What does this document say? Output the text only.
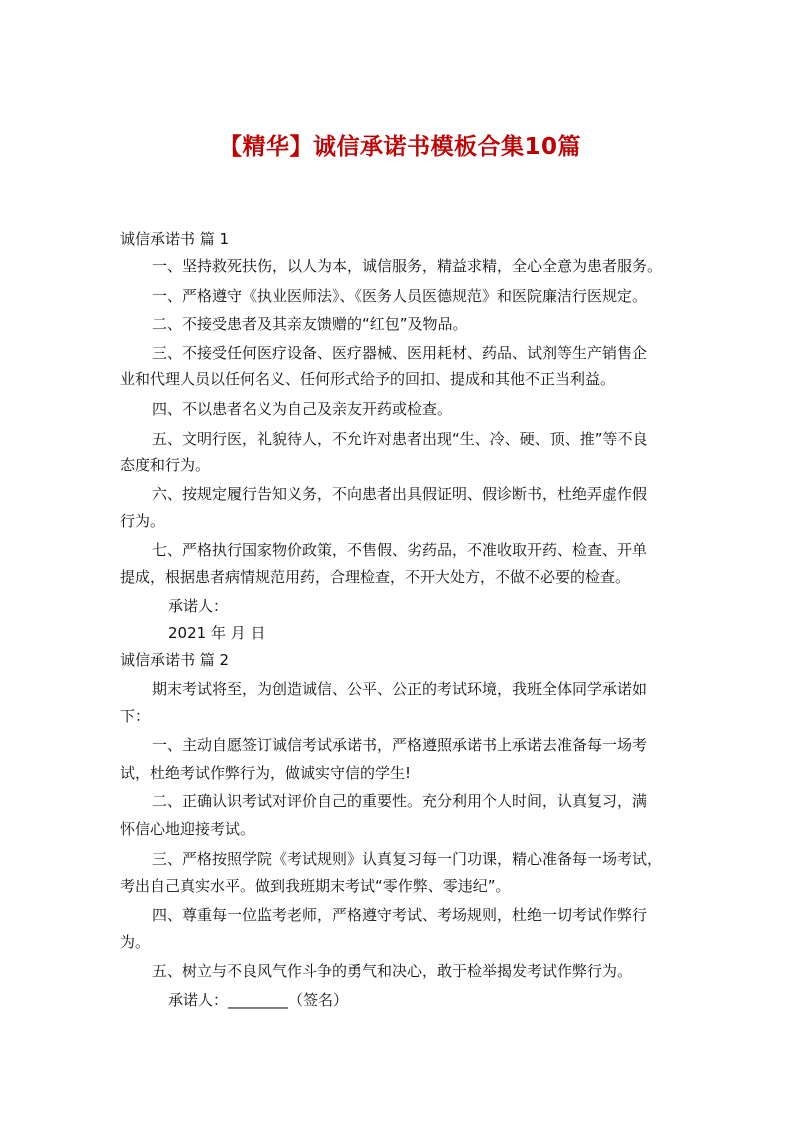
【精华】诚信承诺书模板合集10篇
诚信承诺书 篇 1
一、坚持救死扶伤，以人为本，诚信服务，精益求精，全心全意为患者服务。
一、严格遵守《执业医师法》、《医务人员医德规范》和医院廉洁行医规定。
二、不接受患者及其亲友馈赠的“红包”及物品。
三、不接受任何医疗设备、医疗器械、医用耗材、药品、试剂等生产销售企
业和代理人员以任何名义、任何形式给予的回扣、提成和其他不正当利益。
四、不以患者名义为自己及亲友开药或检查。
五、文明行医，礼貌待人，不允许对患者出现“生、冷、硬、顶、推”等不良
态度和行为。
六、按规定履行告知义务，不向患者出具假证明、假诊断书，杜绝弄虚作假
行为。
七、严格执行国家物价政策，不售假、劣药品，不准收取开药、检查、开单
提成，根据患者病情规范用药，合理检查，不开大处方，不做不必要的检查。
承诺人：
2021 年 月 日
诚信承诺书 篇 2
期末考试将至，为创造诚信、公平、公正的考试环境，我班全体同学承诺如
下：
一、主动自愿签订诚信考试承诺书，严格遵照承诺书上承诺去准备每一场考
试，杜绝考试作弊行为，做诚实守信的学生!
二、正确认识考试对评价自己的重要性。充分利用个人时间，认真复习，满
怀信心地迎接考试。
三、严格按照学院《考试规则》认真复习每一门功课，精心准备每一场考试，
考出自己真实水平。做到我班期末考试“零作弊、零违纪”。
四、尊重每一位监考老师，严格遵守考试、考场规则，杜绝一切考试作弊行
为。
五、树立与不良风气作斗争的勇气和决心，敢于检举揭发考试作弊行为。
承诺人：________（签名）
